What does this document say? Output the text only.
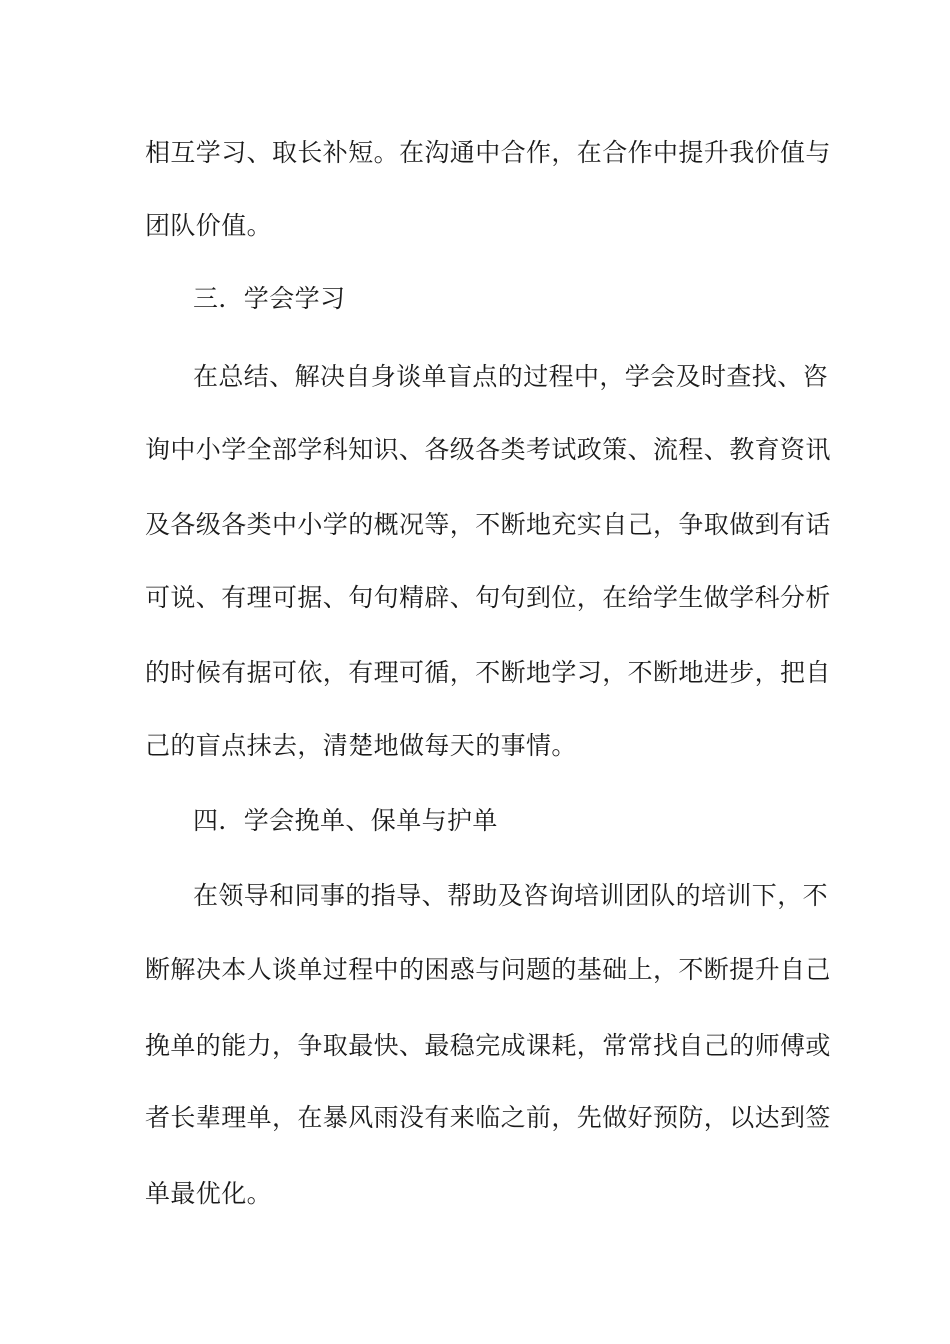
相互学习、取长补短。在沟通中合作，在合作中提升我价值与
团队价值。
三．学会学习
在总结、解决自身谈单盲点的过程中，学会及时查找、咨
询中小学全部学科知识、各级各类考试政策、流程、教育资讯
及各级各类中小学的概况等，不断地充实自己，争取做到有话
可说、有理可据、句句精辟、句句到位，在给学生做学科分析
的时候有据可依，有理可循，不断地学习，不断地进步，把自
己的盲点抹去，清楚地做每天的事情。
四．学会挽单、保单与护单
在领导和同事的指导、帮助及咨询培训团队的培训下，不
断解决本人谈单过程中的困惑与问题的基础上，不断提升自己
挽单的能力，争取最快、最稳完成课耗，常常找自己的师傅或
者长辈理单，在暴风雨没有来临之前，先做好预防，以达到签
单最优化。
